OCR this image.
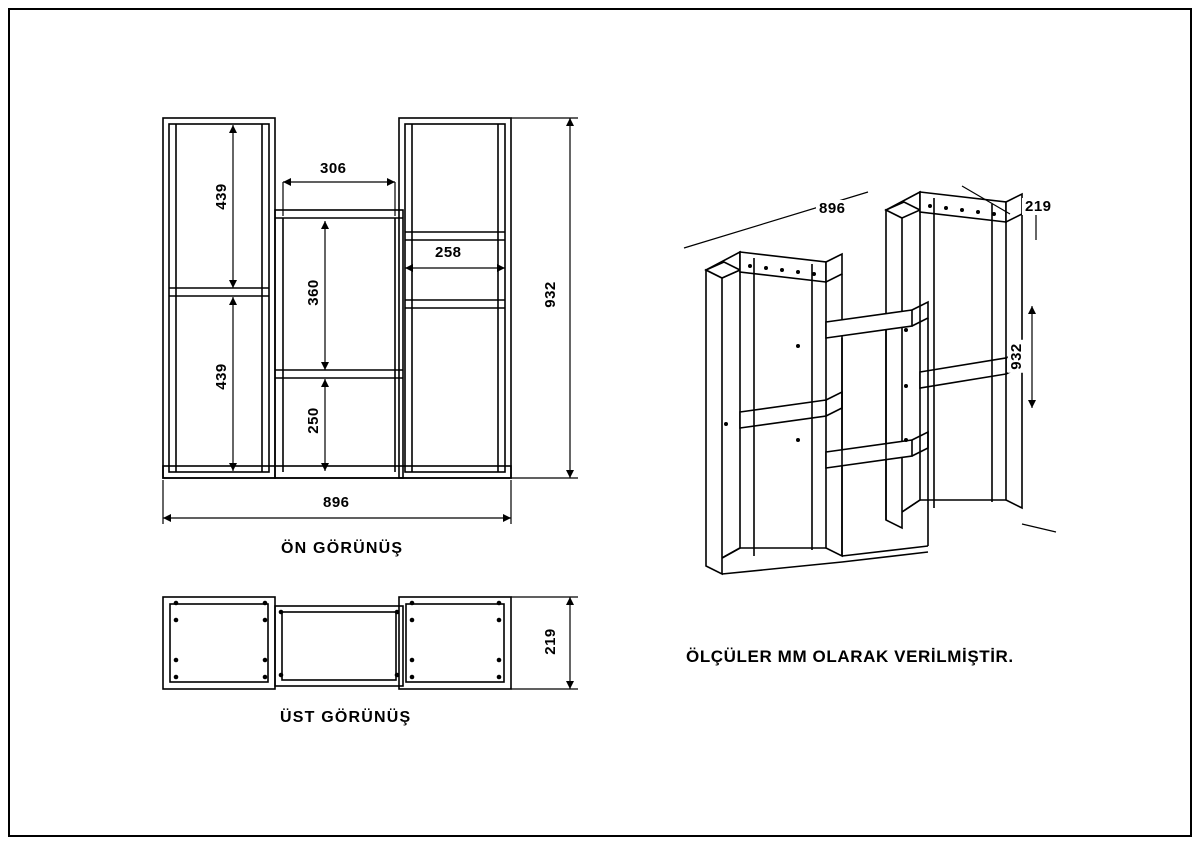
439
439
306
360
250
258
932
896
ÖN GÖRÜNÜŞ
219
ÜST GÖRÜNÜŞ
896	219
932
ÖLÇÜLER MM OLARAK VERİLMİŞTİR.
